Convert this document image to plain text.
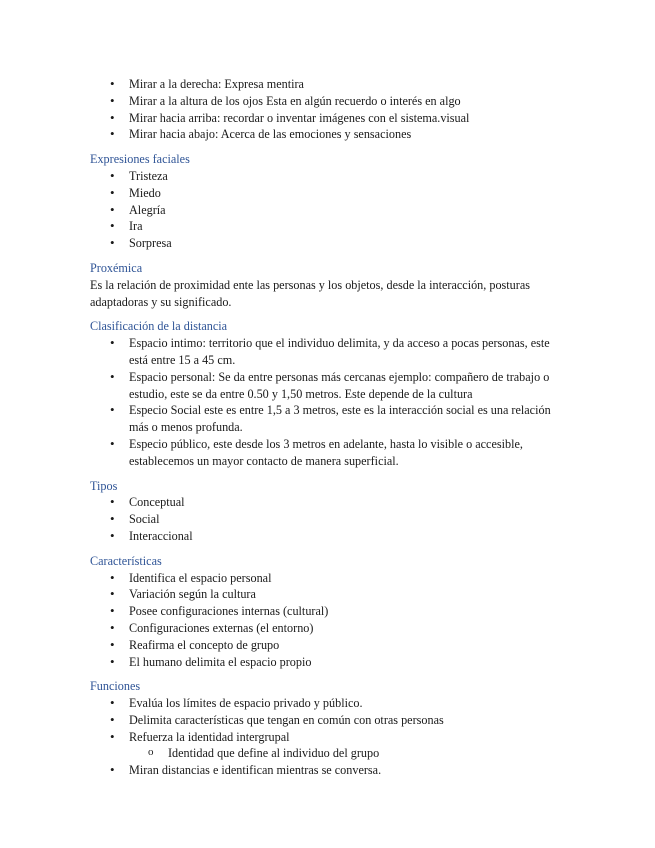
• Mirar a la derecha: Expresa mentira
• Mirar a la altura de los ojos Esta en algún recuerdo o interés en algo
• Mirar hacia arriba: recordar o inventar imágenes con el sistema.visual
• Mirar hacia abajo: Acerca de las emociones y sensaciones
Expresiones faciales
• Tristeza
• Miedo
• Alegría
• Ira
• Sorpresa
Proxémica

Es la relación de proximidad ente las personas y los objetos, desde la interacción, posturas adaptadoras y su significado.

Clasificación de la distancia
• Espacio intimo: territorio que el individuo delimita, y da acceso a pocas personas, este está entre 15 a 45 cm.
• Espacio personal: Se da entre personas más cercanas ejemplo: compañero de trabajo o estudio, este se da entre 0.50 y 1,50 metros. Este depende de la cultura
• Especio Social este es entre 1,5 a 3 metros, este es la interacción social es una relación más o menos profunda.
• Especio público, este desde los 3 metros en adelante, hasta lo visible o accesible, establecemos un mayor contacto de manera superficial.
Tipos
• Conceptual
• Social
• Interaccional
Características
• Identifica el espacio personal
• Variación según la cultura
• Posee configuraciones internas (cultural)
• Configuraciones externas (el entorno)
• Reafirma el concepto de grupo
• El humano delimita el espacio propio
Funciones
• Evalúa los límites de espacio privado y público.
• Delimita características que tengan en común con otras personas
• Refuerza la identidad intergrupal
o Identidad que define al individuo del grupo
• Miran distancias e identifican mientras se conversa.
